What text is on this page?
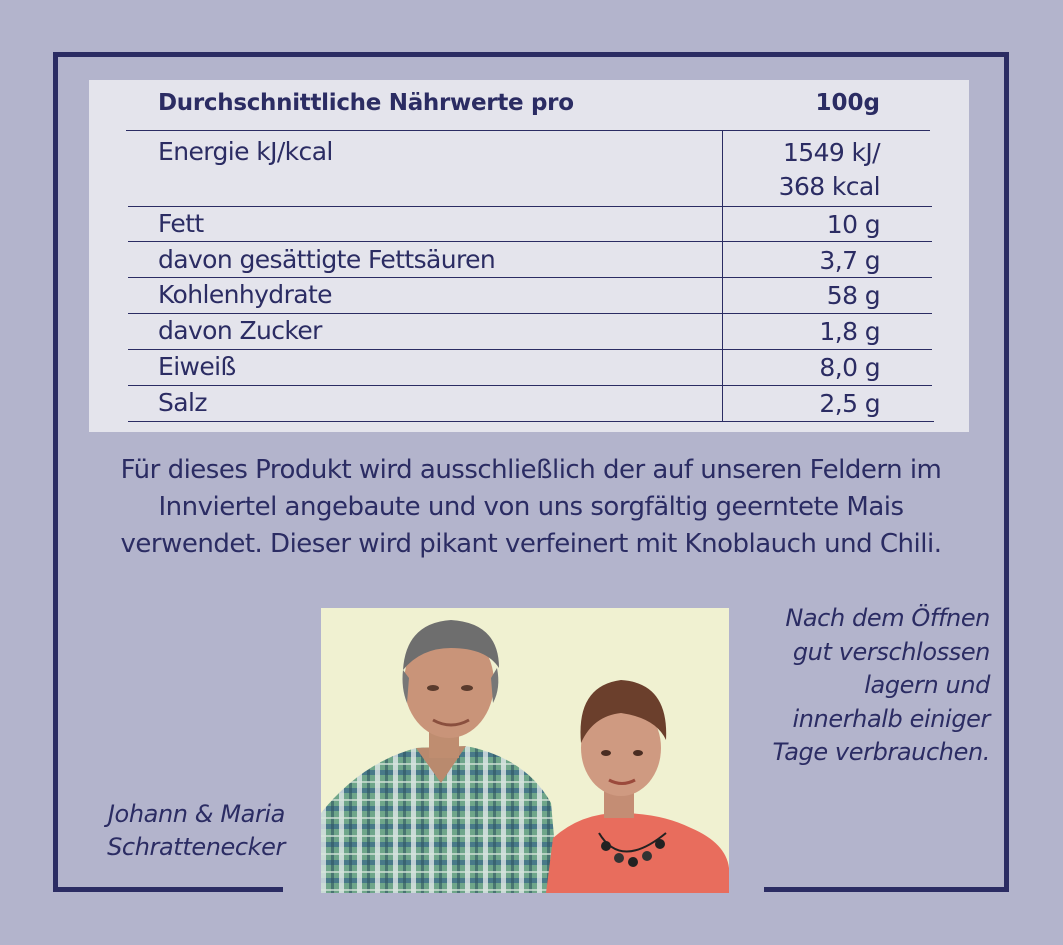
Durchschnittliche Nährwerte pro	100g
Energie kJ/kcal	1549 kJ/
368 kcal
Fett	10 g
davon gesättigte Fettsäuren	3,7 g
Kohlenhydrate	58 g
davon Zucker	1,8 g
Eiweiß	8,0 g
Salz	2,5 g
Für dieses Produkt wird ausschließlich der auf unseren Feldern im
Innviertel angebaute und von uns sorgfältig geerntete Mais
verwendet. Dieser wird pikant verfeinert mit Knoblauch und Chili.
Nach dem Öffnen
gut verschlossen
lagern und
innerhalb einiger
Tage verbrauchen.
Johann & Maria
Schrattenecker
